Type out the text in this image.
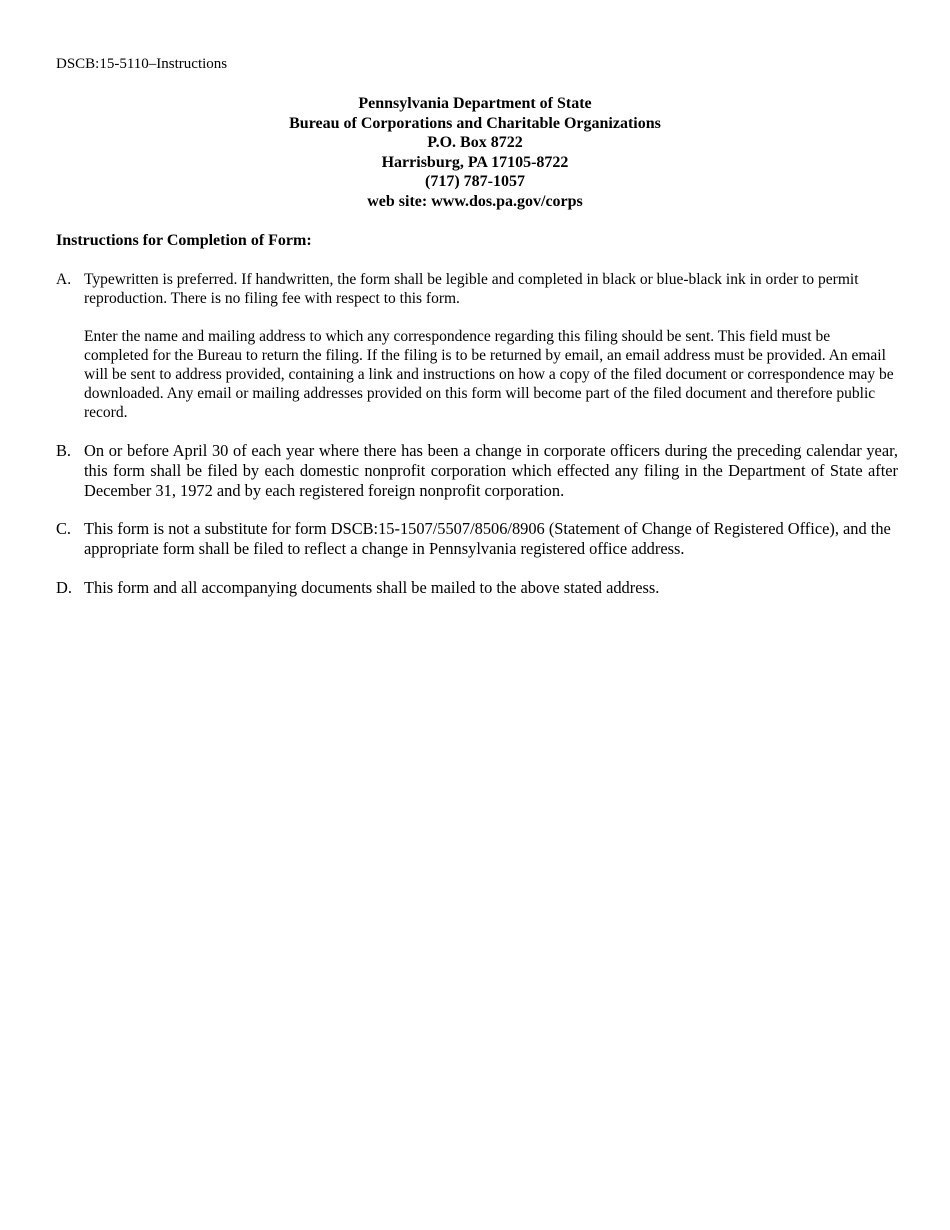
DSCB:15-5110–Instructions
Pennsylvania Department of State
Bureau of Corporations and Charitable Organizations
P.O. Box 8722
Harrisburg, PA 17105-8722
(717) 787-1057
web site: www.dos.pa.gov/corps
Instructions for Completion of Form:
A. Typewritten is preferred. If handwritten, the form shall be legible and completed in black or blue-black ink in order to permit reproduction. There is no filing fee with respect to this form.

Enter the name and mailing address to which any correspondence regarding this filing should be sent. This field must be completed for the Bureau to return the filing. If the filing is to be returned by email, an email address must be provided. An email will be sent to address provided, containing a link and instructions on how a copy of the filed document or correspondence may be downloaded. Any email or mailing addresses provided on this form will become part of the filed document and therefore public record.

B. On or before April 30 of each year where there has been a change in corporate officers during the preceding calendar year, this form shall be filed by each domestic nonprofit corporation which effected any filing in the Department of State after December 31, 1972 and by each registered foreign nonprofit corporation.
C. This form is not a substitute for form DSCB:15-1507/5507/8506/8906 (Statement of Change of Registered Office), and the appropriate form shall be filed to reflect a change in Pennsylvania registered office address.
D. This form and all accompanying documents shall be mailed to the above stated address.
